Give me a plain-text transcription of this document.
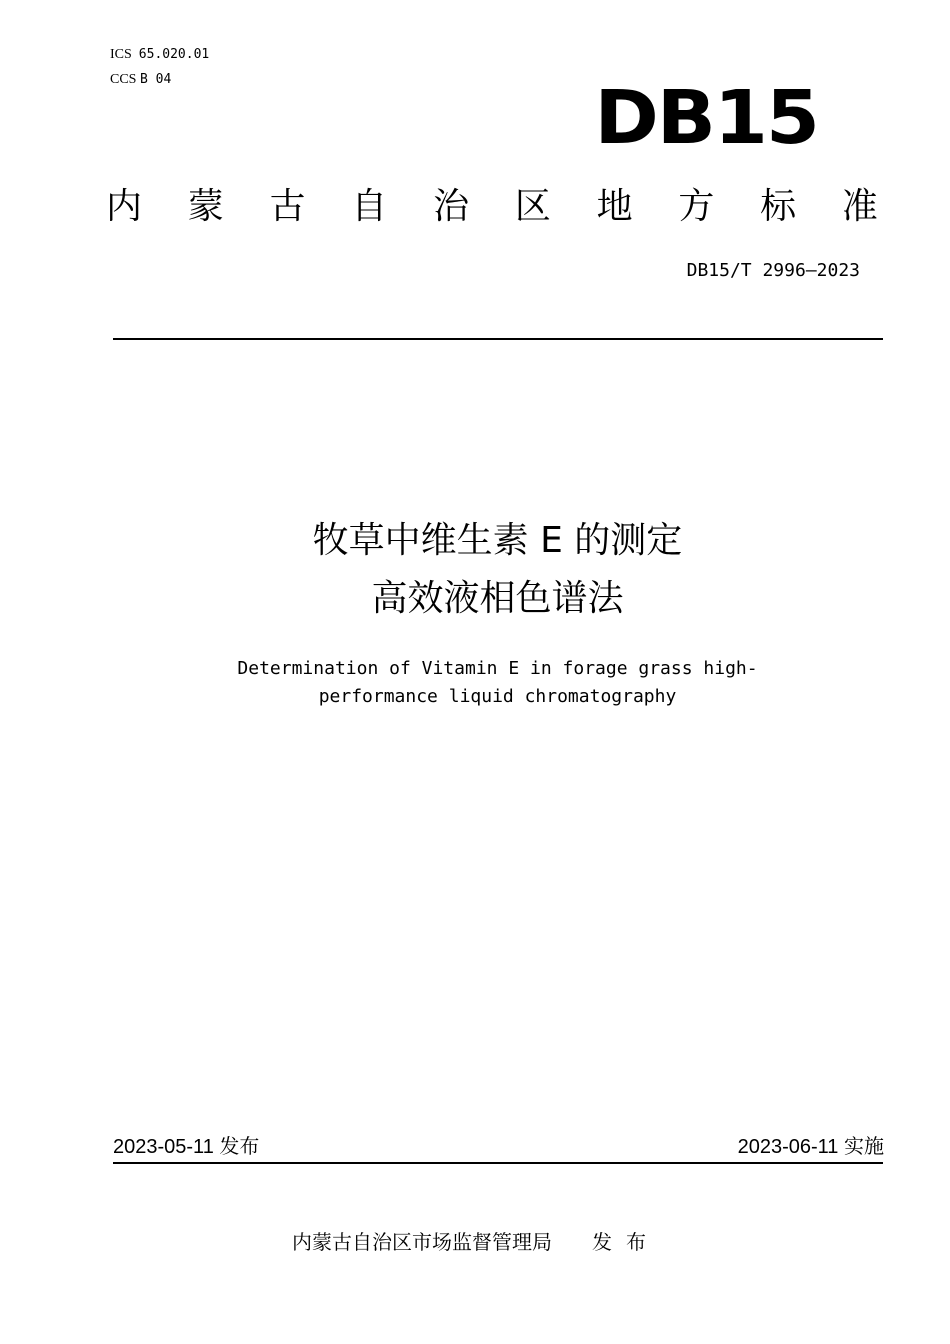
ICS 65.020.01
CCS B 04	DB15
内 蒙 古 自 治 区 地 方 标 准
DB15/T 2996—2023
牧草中维生素 E 的测定
高效液相色谱法
Determination of Vitamin E in forage grass high-
performance liquid chromatography
2023-05-11 发布	2023-06-11 实施
内蒙古自治区市场监督管理局 发布
